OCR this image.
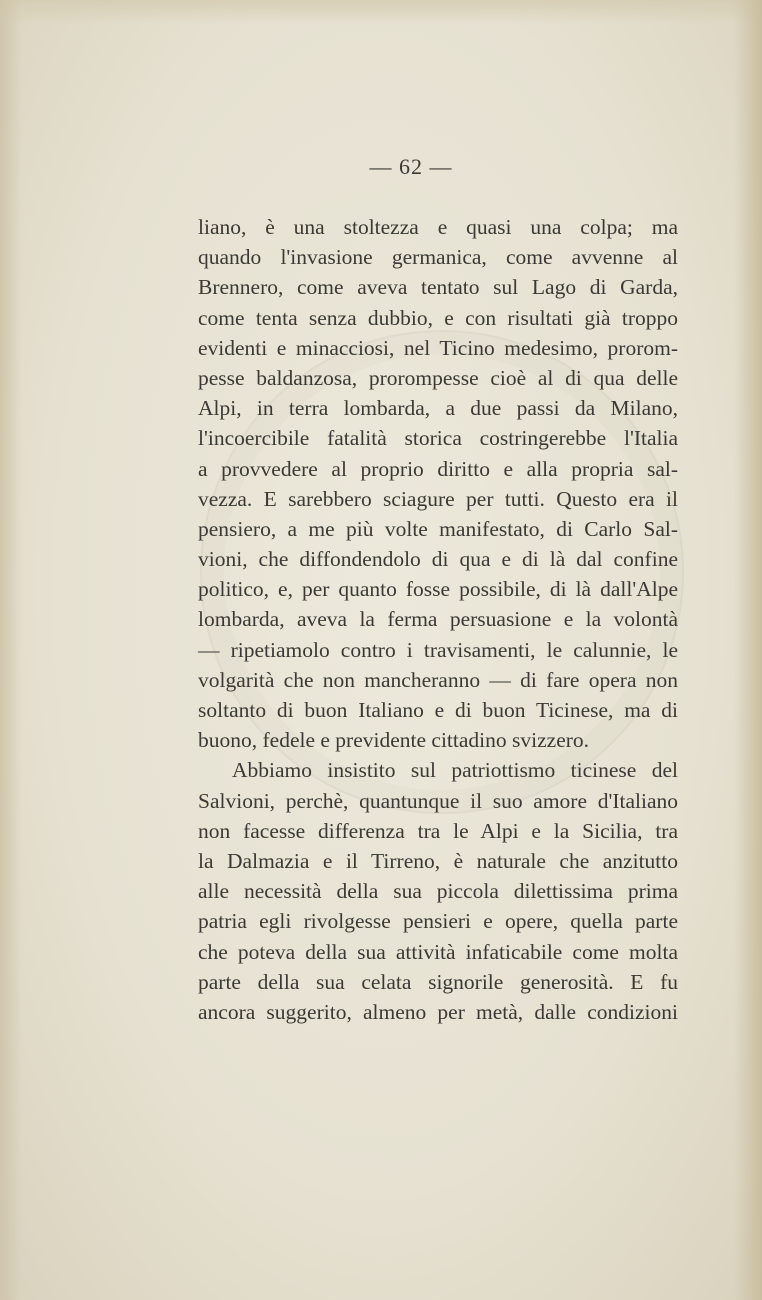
— 62 —
liano, è una stoltezza e quasi una colpa; ma
quando l'invasione germanica, come avvenne al
Brennero, come aveva tentato sul Lago di Garda,
come tenta senza dubbio, e con risultati già troppo
evidenti e minacciosi, nel Ticino medesimo, prorom-
pesse baldanzosa, prorompesse cioè al di qua delle
Alpi, in terra lombarda, a due passi da Milano,
l'incoercibile fatalità storica costringerebbe l'Italia
a provvedere al proprio diritto e alla propria sal-
vezza. E sarebbero sciagure per tutti. Questo era il
pensiero, a me più volte manifestato, di Carlo Sal-
vioni, che diffondendolo di qua e di là dal confine
politico, e, per quanto fosse possibile, di là dall'Alpe
lombarda, aveva la ferma persuasione e la volontà
— ripetiamolo contro i travisamenti, le calunnie, le
volgarità che non mancheranno — di fare opera non
soltanto di buon Italiano e di buon Ticinese, ma di
buono, fedele e previdente cittadino svizzero.
Abbiamo insistito sul patriottismo ticinese del
Salvioni, perchè, quantunque il suo amore d'Italiano
non facesse differenza tra le Alpi e la Sicilia, tra
la Dalmazia e il Tirreno, è naturale che anzitutto
alle necessità della sua piccola dilettissima prima
patria egli rivolgesse pensieri e opere, quella parte
che poteva della sua attività infaticabile come molta
parte della sua celata signorile generosità. E fu
ancora suggerito, almeno per metà, dalle condizioni
